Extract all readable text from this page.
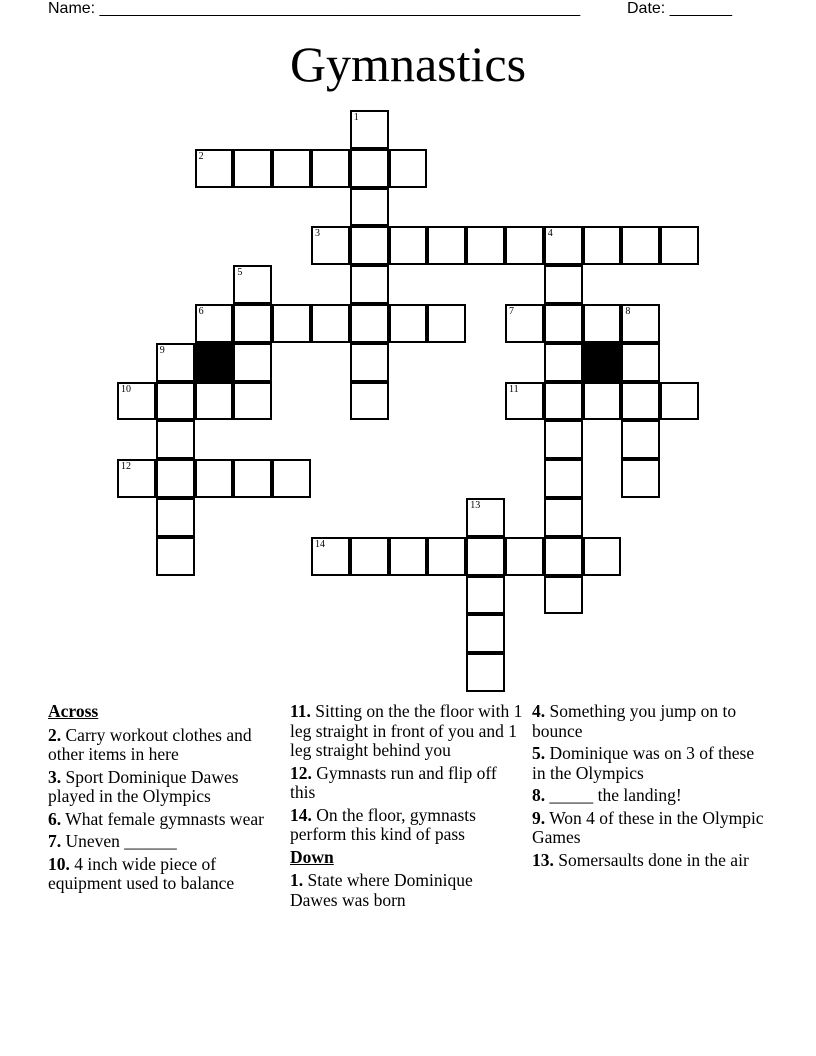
Name: ______________________________________________________	Date: _______
Gymnastics
1
2
3	4
5
6	7	8
9
10	11
12
13
14
Across
2. Carry workout clothes and other items in here
3. Sport Dominique Dawes played in the Olympics
6. What female gymnasts wear
7. Uneven ______
10. 4 inch wide piece of equipment used to balance
11. Sitting on the the floor with 1 leg straight in front of you and 1 leg straight behind you
12. Gymnasts run and flip off this
14. On the floor, gymnasts perform this kind of pass
Down
1. State where Dominique Dawes was born
4. Something you jump on to bounce
5. Dominique was on 3 of these in the Olympics
8. _____ the landing!
9. Won 4 of these in the Olympic Games
13. Somersaults done in the air
